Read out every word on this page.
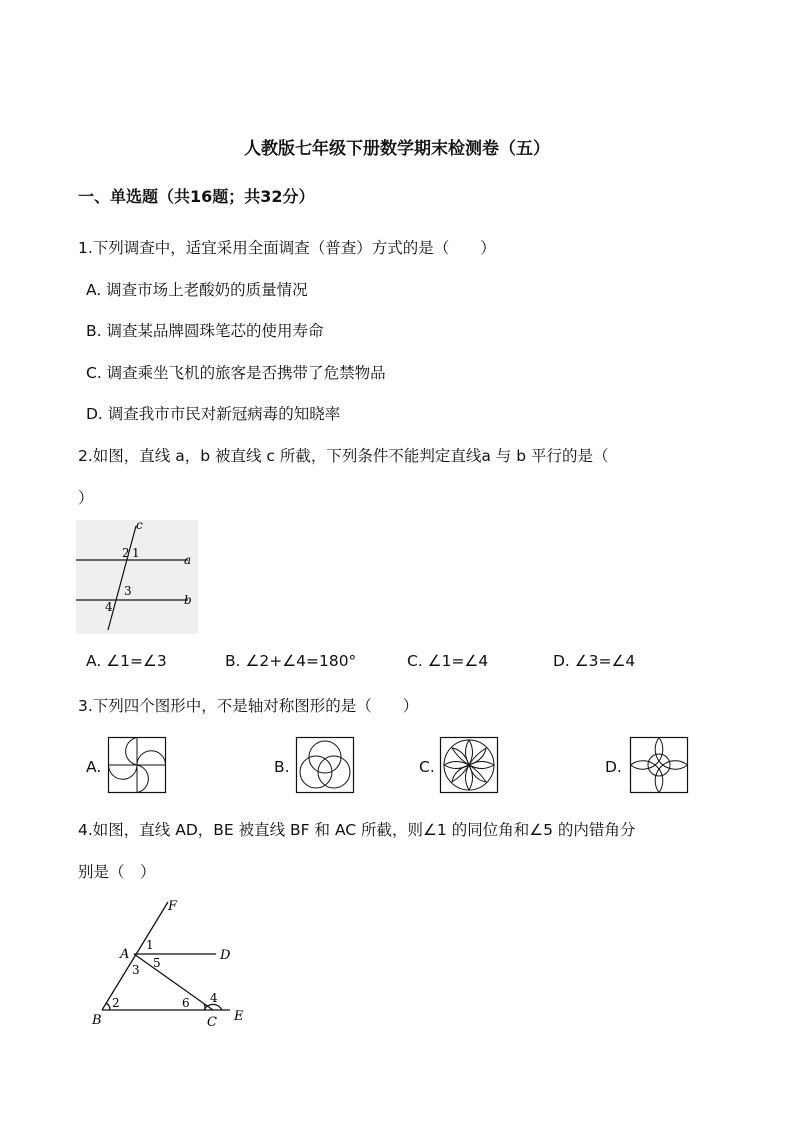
人教版七年级下册数学期末检测卷（五）
一、单选题（共16题；共32分）
1.下列调查中，适宜采用全面调查（普查）方式的是（　　）
A. 调查市场上老酸奶的质量情况
B. 调查某品牌圆珠笔芯的使用寿命
C. 调查乘坐飞机的旅客是否携带了危禁物品
D. 调查我市市民对新冠病毒的知晓率
2.如图，直线 a，b 被直线 c 所截，下列条件不能判定直线a 与 b 平行的是（
）
c
a
b
2 1
3
4
A. ∠1=∠3	B. ∠2+∠4=180°	C. ∠1=∠4	D. ∠3=∠4
3.下列四个图形中，不是轴对称图形的是（　　）
A.	B.	C.	D.
4.如图，直线 AD，BE 被直线 BF 和 AC 所截，则∠1 的同位角和∠5 的内错角分
别是（　）
F
A	D
B	C E
1
2
3
4
5
6
